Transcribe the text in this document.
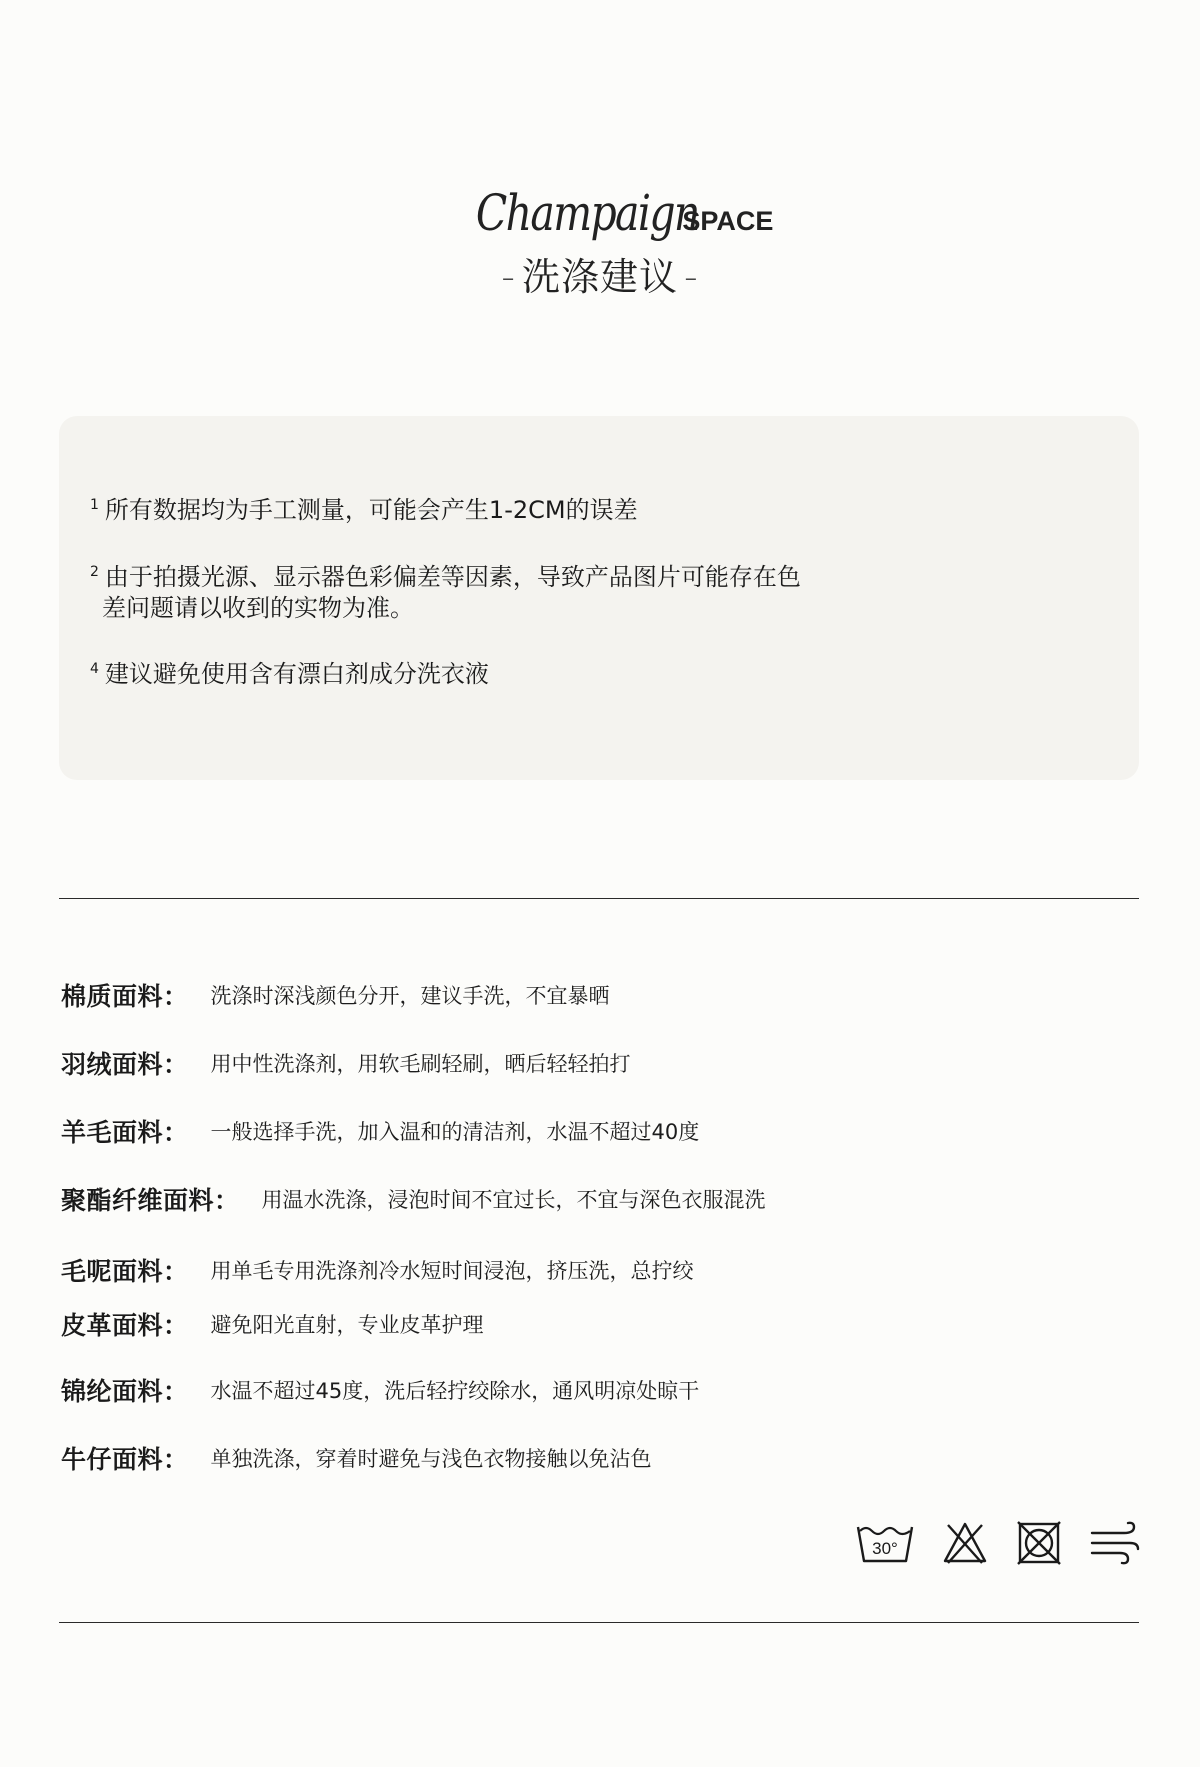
ChampaignSPACE
- 洗涤建议 -
$^1$ 所有数据均为手工测量，可能会产生1-2CM的误差
$^2$ 由于拍摄光源、显示器色彩偏差等因素，导致产品图片可能存在色
差问题请以收到的实物为准。
$^4$ 建议避免使用含有漂白剂成分洗衣液
棉质面料： 洗涤时深浅颜色分开，建议手洗，不宜暴晒
羽绒面料： 用中性洗涤剂，用软毛刷轻刷，晒后轻轻拍打
羊毛面料： 一般选择手洗，加入温和的清洁剂，水温不超过40度
聚酯纤维面料： 用温水洗涤，浸泡时间不宜过长，不宜与深色衣服混洗
毛呢面料： 用单毛专用洗涤剂冷水短时间浸泡，挤压洗，总拧绞
皮革面料： 避免阳光直射，专业皮革护理
锦纶面料： 水温不超过45度，洗后轻拧绞除水，通风明凉处晾干
牛仔面料： 单独洗涤，穿着时避免与浅色衣物接触以免沾色
30°
